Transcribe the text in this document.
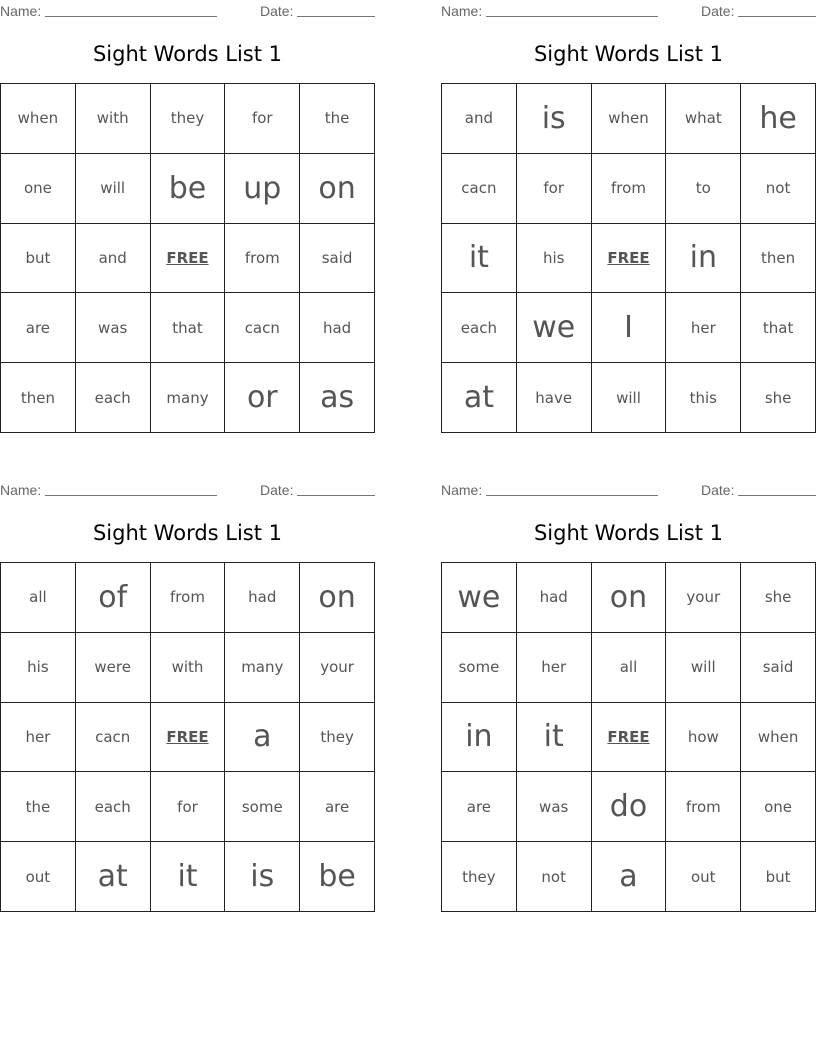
Name:	Date:
Sight Words List 1
when	with	they	for	the
one	will	be	up	on
but	and	FREE	from	said
are	was	that	cacn	had
then	each	many	or	as
Name:	Date:
Sight Words List 1
and	is	when	what	he
cacn	for	from	to	not
it	his	FREE	in	then
each	we	I	her	that
at	have	will	this	she
Name:	Date:
Sight Words List 1
all	of	from	had	on
his	were	with	many	your
her	cacn	FREE	a	they
the	each	for	some	are
out	at	it	is	be
Name:	Date:
Sight Words List 1
we	had	on	your	she
some	her	all	will	said
in	it	FREE	how	when
are	was	do	from	one
they	not	a	out	but
